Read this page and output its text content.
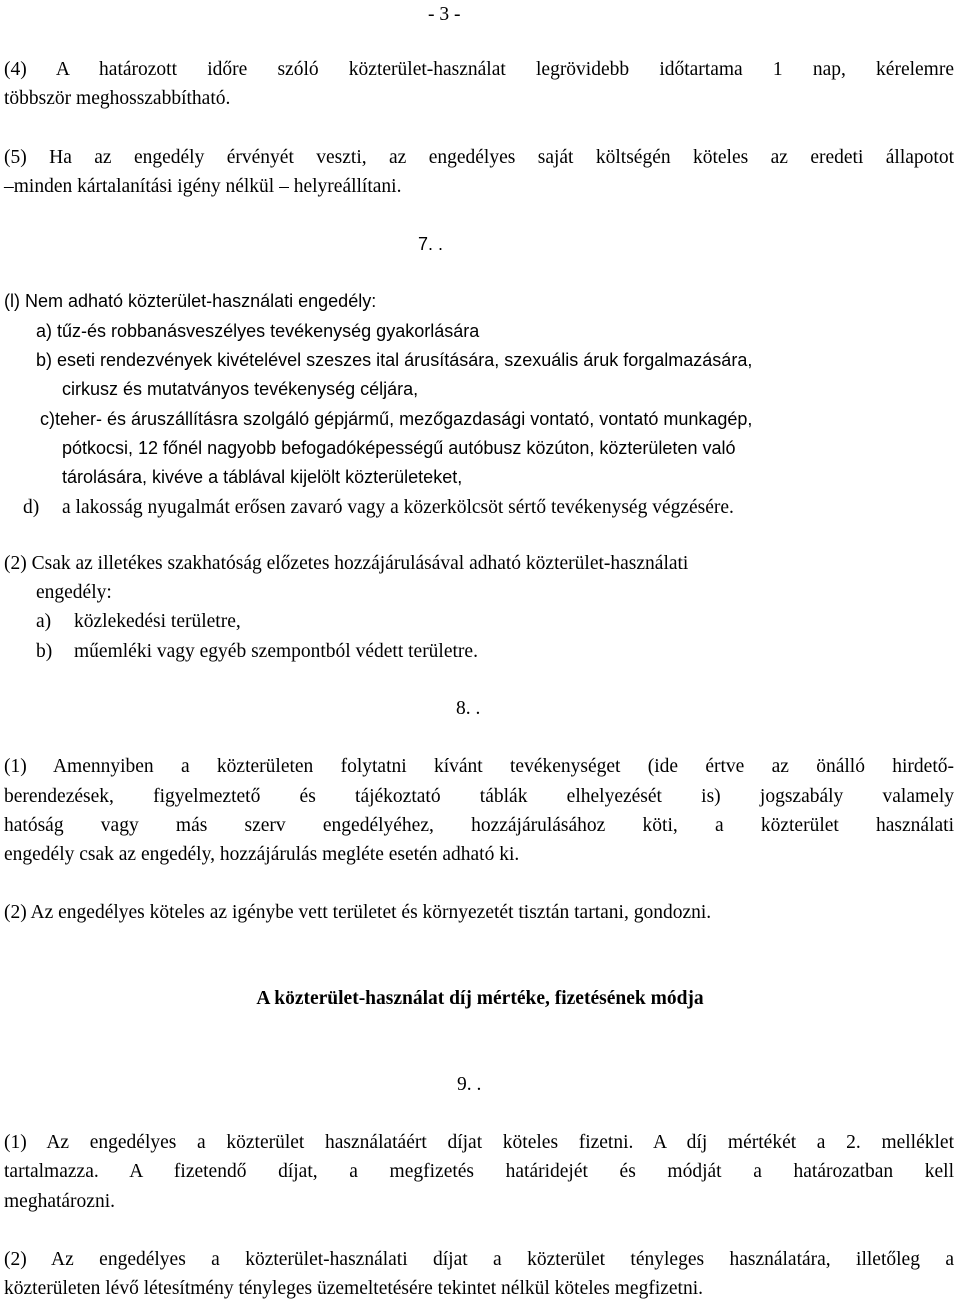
- 3 -
(4) A határozott időre szóló közterület-használat legrövidebb időtartama 1 nap, kérelemre
többször meghosszabbítható.
(5) Ha az engedély érvényét veszti, az engedélyes saját költségén köteles az eredeti állapotot
–minden kártalanítási igény nélkül – helyreállítani.
7. .
(l) Nem adható közterület-használati engedély:
a) tűz-és robbanásveszélyes tevékenység gyakorlására
b) eseti rendezvények kivételével szeszes ital árusítására, szexuális áruk forgalmazására,
cirkusz és mutatványos tevékenység céljára,
c)teher- és áruszállításra szolgáló gépjármű, mezőgazdasági vontató, vontató munkagép,
pótkocsi, 12 főnél nagyobb befogadóképességű autóbusz közúton, közterületen való
tárolására, kivéve a táblával kijelölt közterületeket,
d) a lakosság nyugalmát erősen zavaró vagy a közerkölcsöt sértő tevékenység végzésére.
(2) Csak az illetékes szakhatóság előzetes hozzájárulásával adható közterület-használati
engedély:
a) közlekedési területre,
b) műemléki vagy egyéb szempontból védett területre.
8. .
(1) Amennyiben a közterületen folytatni kívánt tevékenységet (ide értve az önálló hirdető-
berendezések, figyelmeztető és tájékoztató táblák elhelyezését is) jogszabály valamely
hatóság vagy más szerv engedélyéhez, hozzájárulásához köti, a közterület használati
engedély csak az engedély, hozzájárulás megléte esetén adható ki.
(2) Az engedélyes köteles az igénybe vett területet és környezetét tisztán tartani, gondozni.
A közterület-használat díj mértéke, fizetésének módja
9. .
(1) Az engedélyes a közterület használatáért díjat köteles fizetni. A díj mértékét a 2. melléklet
tartalmazza. A fizetendő díjat, a megfizetés határidejét és módját a határozatban kell
meghatározni.
(2) Az engedélyes a közterület-használati díjat a közterület tényleges használatára, illetőleg a
közterületen lévő létesítmény tényleges üzemeltetésére tekintet nélkül köteles megfizetni.
